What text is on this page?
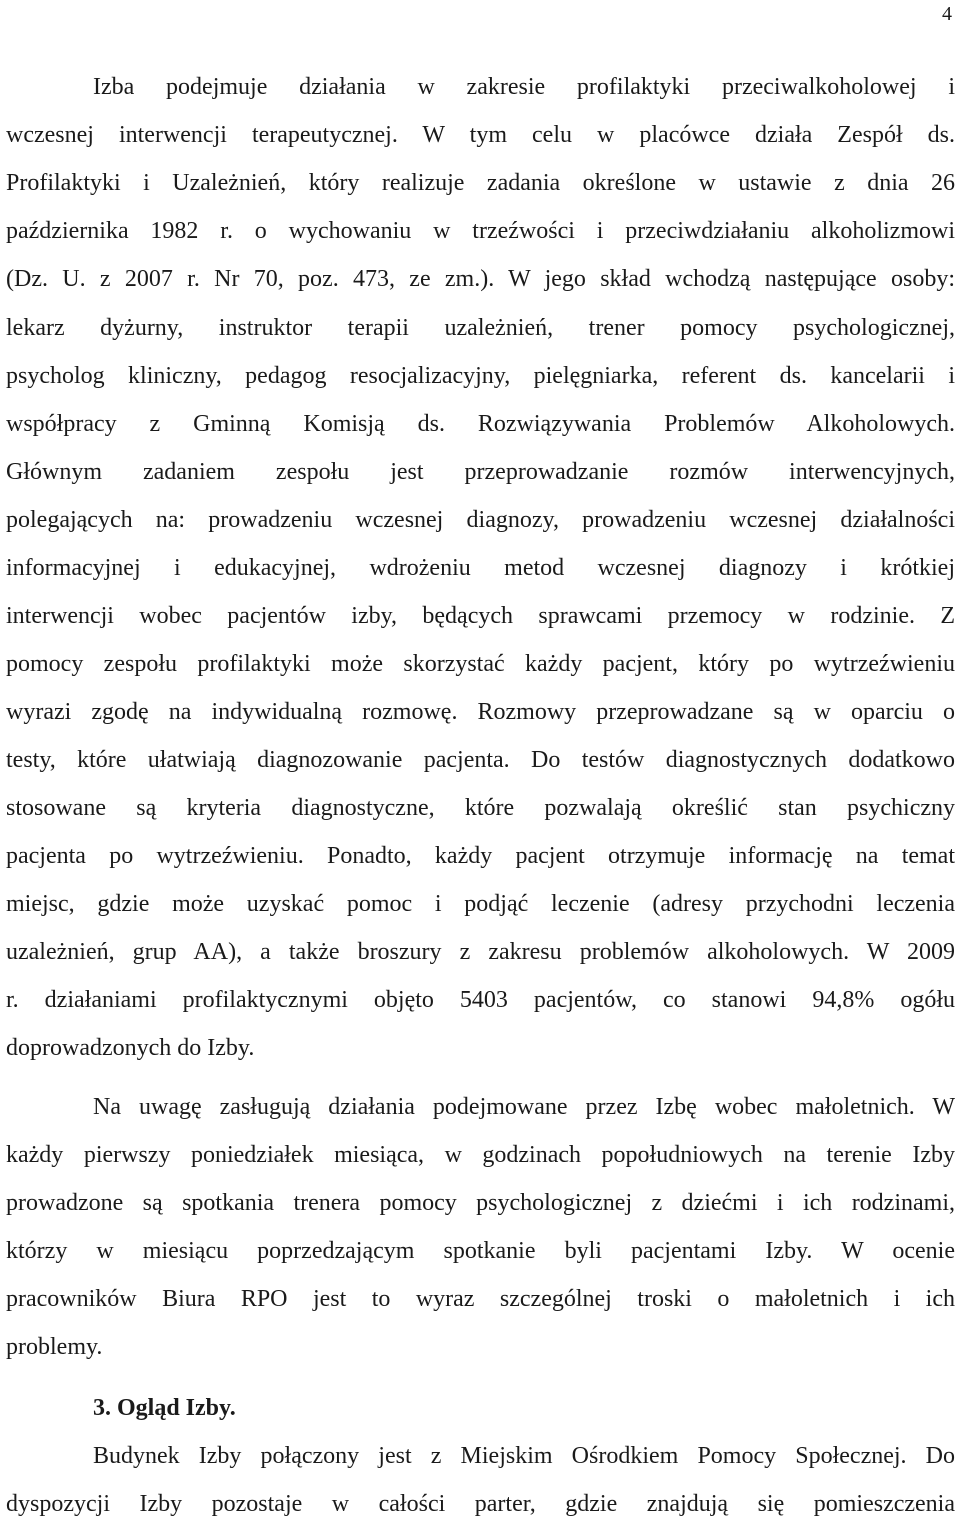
4
Izba podejmuje działania w zakresie profilaktyki przeciwalkoholowej i
wczesnej interwencji terapeutycznej. W tym celu w placówce działa Zespół ds.
Profilaktyki i Uzależnień, który realizuje zadania określone w ustawie z dnia 26
października 1982 r. o wychowaniu w trzeźwości i przeciwdziałaniu alkoholizmowi
(Dz. U. z 2007 r. Nr 70, poz. 473, ze zm.). W jego skład wchodzą następujące osoby:
lekarz dyżurny, instruktor terapii uzależnień, trener pomocy psychologicznej,
psycholog kliniczny, pedagog resocjalizacyjny, pielęgniarka, referent ds. kancelarii i
współpracy z Gminną Komisją ds. Rozwiązywania Problemów Alkoholowych.
Głównym zadaniem zespołu jest przeprowadzanie rozmów interwencyjnych,
polegających na: prowadzeniu wczesnej diagnozy, prowadzeniu wczesnej działalności
informacyjnej i edukacyjnej, wdrożeniu metod wczesnej diagnozy i krótkiej
interwencji wobec pacjentów izby, będących sprawcami przemocy w rodzinie. Z
pomocy zespołu profilaktyki może skorzystać każdy pacjent, który po wytrzeźwieniu
wyrazi zgodę na indywidualną rozmowę. Rozmowy przeprowadzane są w oparciu o
testy, które ułatwiają diagnozowanie pacjenta. Do testów diagnostycznych dodatkowo
stosowane są kryteria diagnostyczne, które pozwalają określić stan psychiczny
pacjenta po wytrzeźwieniu. Ponadto, każdy pacjent otrzymuje informację na temat
miejsc, gdzie może uzyskać pomoc i podjąć leczenie (adresy przychodni leczenia
uzależnień, grup AA), a także broszury z zakresu problemów alkoholowych. W 2009
r. działaniami profilaktycznymi objęto 5403 pacjentów, co stanowi 94,8% ogółu
doprowadzonych do Izby.
Na uwagę zasługują działania podejmowane przez Izbę wobec małoletnich. W
każdy pierwszy poniedziałek miesiąca, w godzinach popołudniowych na terenie Izby
prowadzone są spotkania trenera pomocy psychologicznej z dziećmi i ich rodzinami,
którzy w miesiącu poprzedzającym spotkanie byli pacjentami Izby. W ocenie
pracowników Biura RPO jest to wyraz szczególnej troski o małoletnich i ich
problemy.
3. Ogląd Izby.
Budynek Izby połączony jest z Miejskim Ośrodkiem Pomocy Społecznej. Do
dyspozycji Izby pozostaje w całości parter, gdzie znajdują się pomieszczenia
